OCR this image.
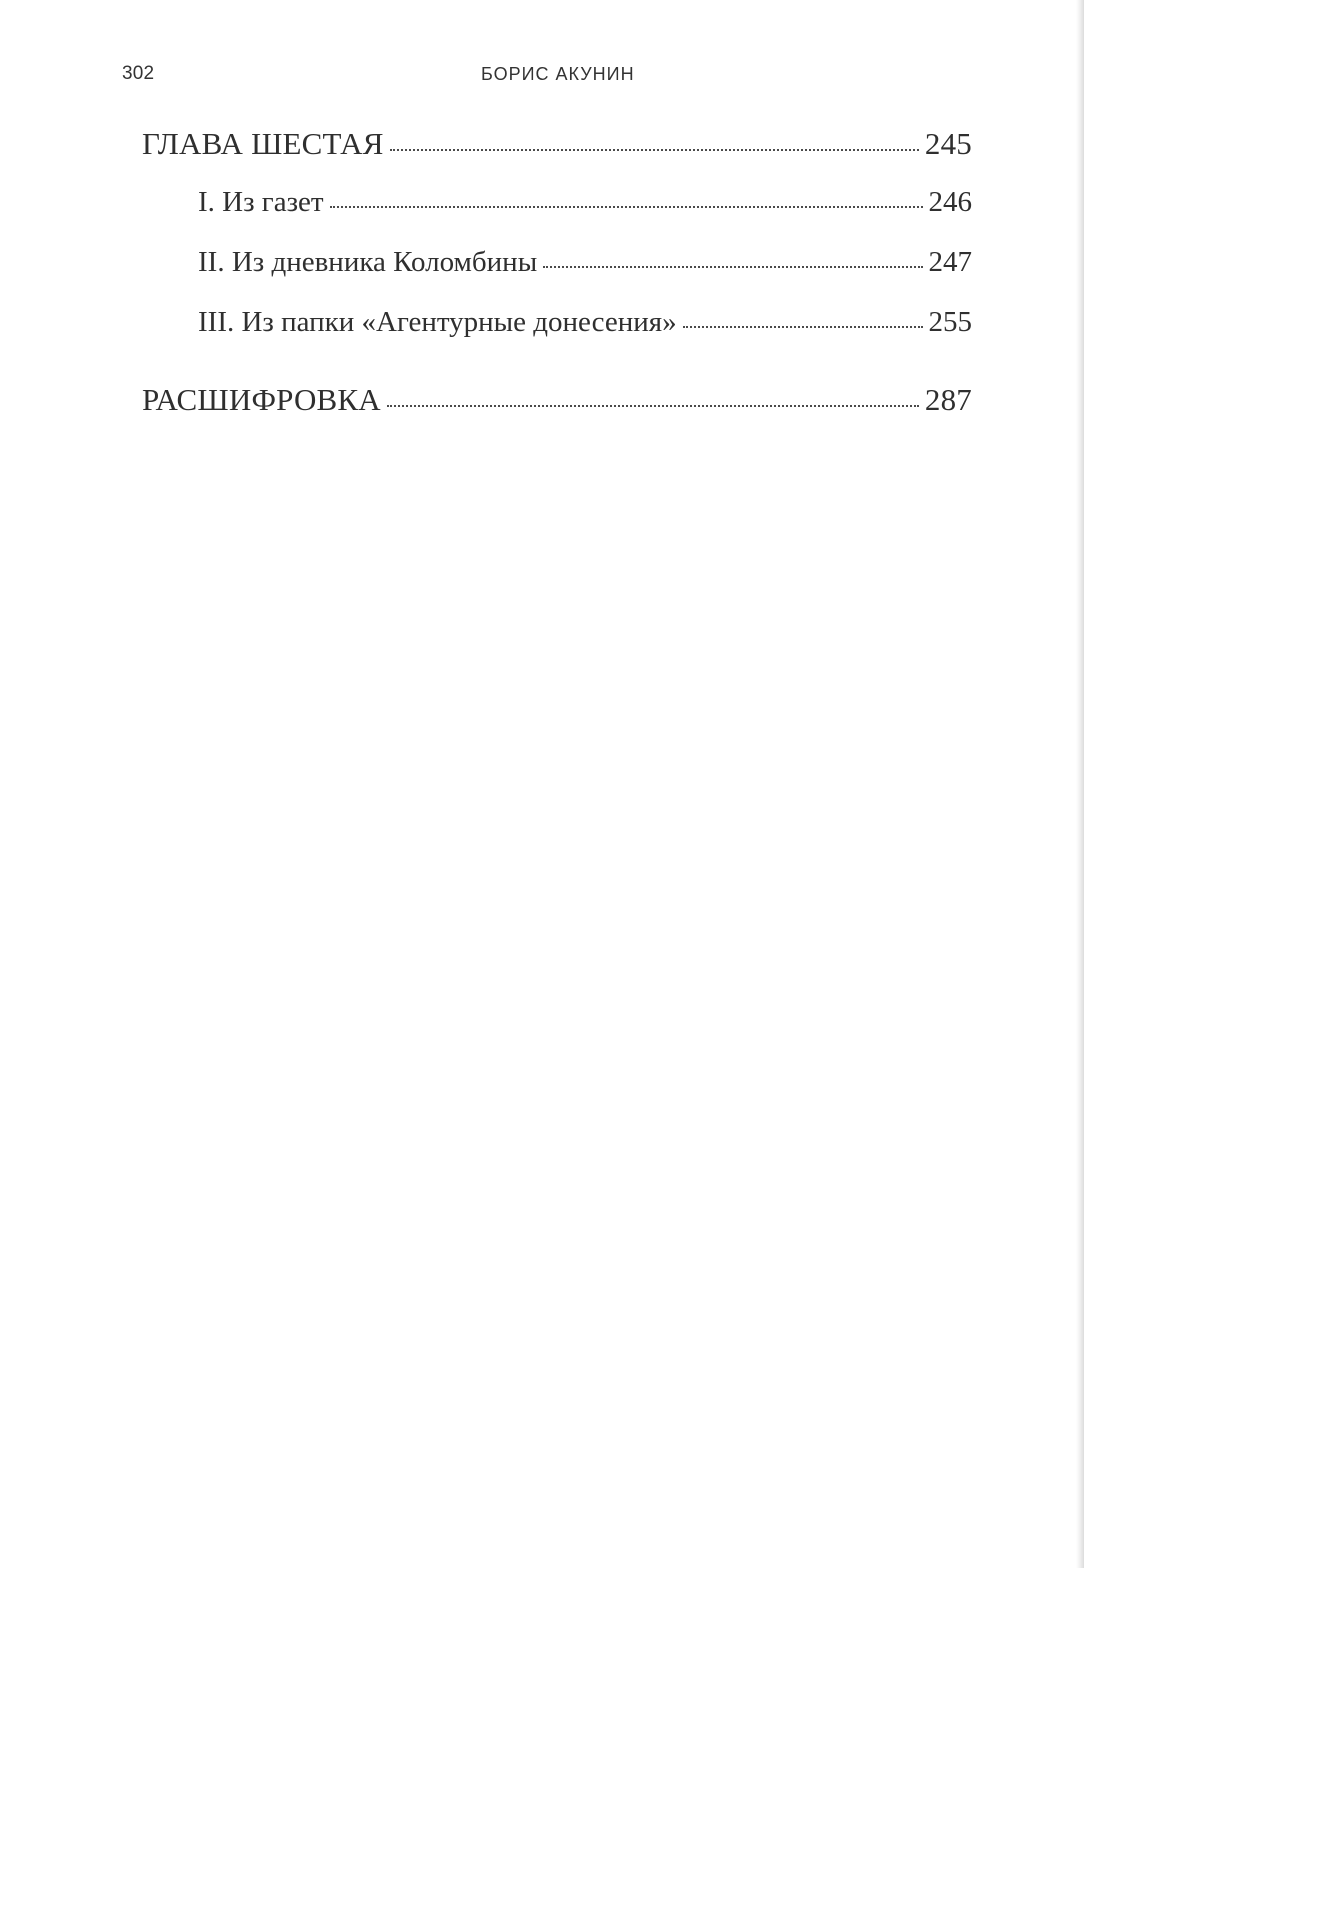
302	БОРИС АКУНИН
ГЛАВА ШЕСТАЯ	245
I. Из газет	246
II. Из дневника Коломбины	247
III. Из папки «Агентурные донесения»	255
РАСШИФРОВКА	287
